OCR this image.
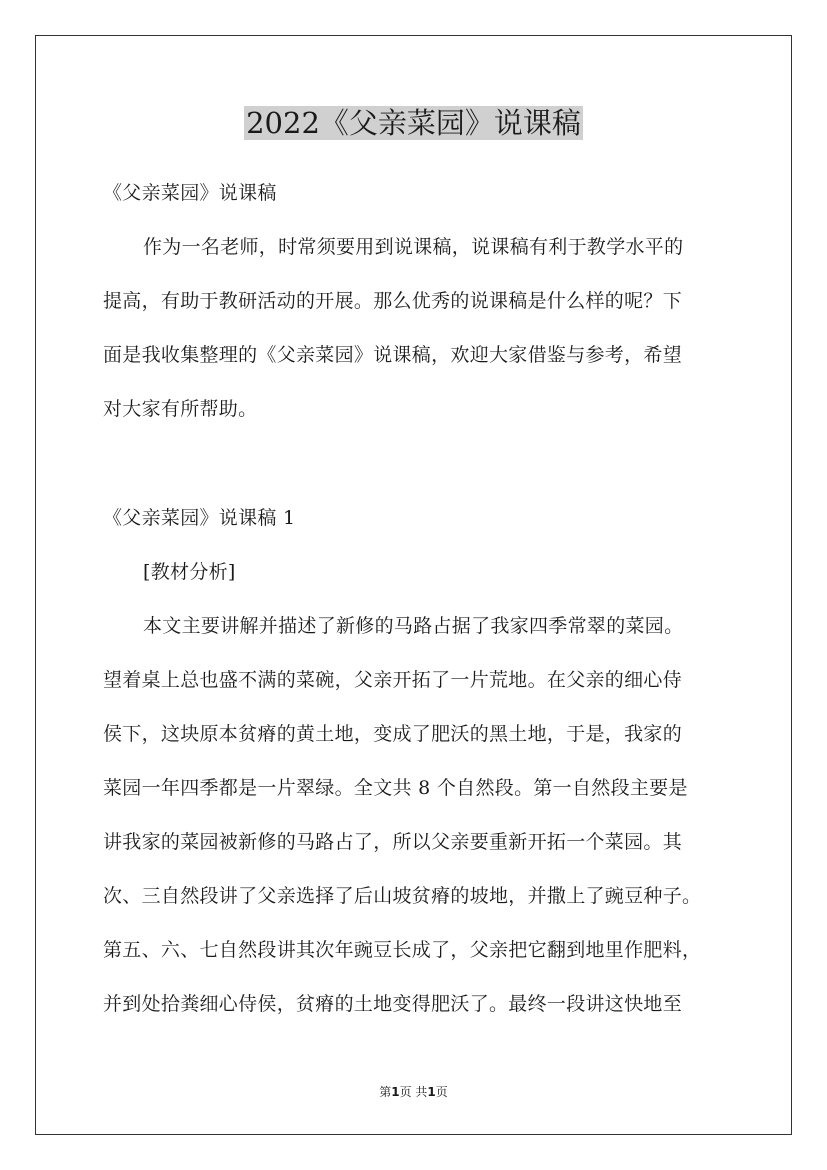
2022《父亲菜园》说课稿

《父亲菜园》说课稿

作为一名老师，时常须要用到说课稿，说课稿有利于教学水平的
提高，有助于教研活动的开展。那么优秀的说课稿是什么样的呢？下
面是我收集整理的《父亲菜园》说课稿，欢迎大家借鉴与参考，希望
对大家有所帮助。

《父亲菜园》说课稿 1

[教材分析]

本文主要讲解并描述了新修的马路占据了我家四季常翠的菜园。
望着桌上总也盛不满的菜碗，父亲开拓了一片荒地。在父亲的细心侍
侯下，这块原本贫瘠的黄土地，变成了肥沃的黑土地，于是，我家的
菜园一年四季都是一片翠绿。全文共 8 个自然段。第一自然段主要是
讲我家的菜园被新修的马路占了，所以父亲要重新开拓一个菜园。其
次、三自然段讲了父亲选择了后山坡贫瘠的坡地，并撒上了豌豆种子。
第五、六、七自然段讲其次年豌豆长成了，父亲把它翻到地里作肥料，
并到处拾粪细心侍侯，贫瘠的土地变得肥沃了。最终一段讲这快地至
第1页 共1页
